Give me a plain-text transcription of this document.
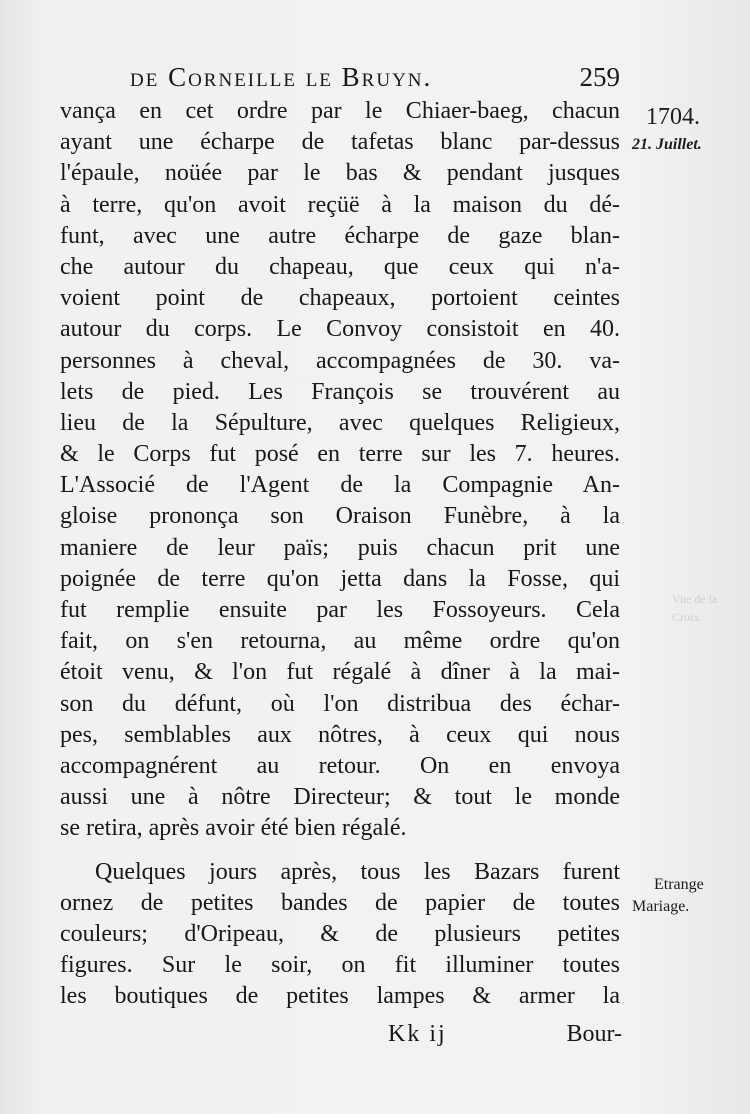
de Corneille le Bruyn.	259
1704.
21. Juillet.
Etrange
Mariage.
Vue de la
Croix.
vança en cet ordre par le Chiaer-baeg, chacun
ayant une écharpe de tafetas blanc par-dessus
l'épaule, noüée par le bas & pendant jusques
à terre, qu'on avoit reçüë à la maison du dé-
funt, avec une autre écharpe de gaze blan-
che autour du chapeau, que ceux qui n'a-
voient point de chapeaux, portoient ceintes
autour du corps. Le Convoy consistoit en 40.
personnes à cheval, accompagnées de 30. va-
lets de pied. Les François se trouvérent au
lieu de la Sépulture, avec quelques Religieux,
& le Corps fut posé en terre sur les 7. heures.
L'Associé de l'Agent de la Compagnie An-
gloise prononça son Oraison Funèbre, à la
maniere de leur païs; puis chacun prit une
poignée de terre qu'on jetta dans la Fosse, qui
fut remplie ensuite par les Fossoyeurs. Cela
fait, on s'en retourna, au même ordre qu'on
étoit venu, & l'on fut régalé à dîner à la mai-
son du défunt, où l'on distribua des échar-
pes, semblables aux nôtres, à ceux qui nous
accompagnérent au retour. On en envoya
aussi une à nôtre Directeur; & tout le monde
se retira, après avoir été bien régalé.
Quelques jours après, tous les Bazars furent
ornez de petites bandes de papier de toutes
couleurs; d'Oripeau, & de plusieurs petites
figures. Sur le soir, on fit illuminer toutes
les boutiques de petites lampes & armer la
Kk ij	Bour-
